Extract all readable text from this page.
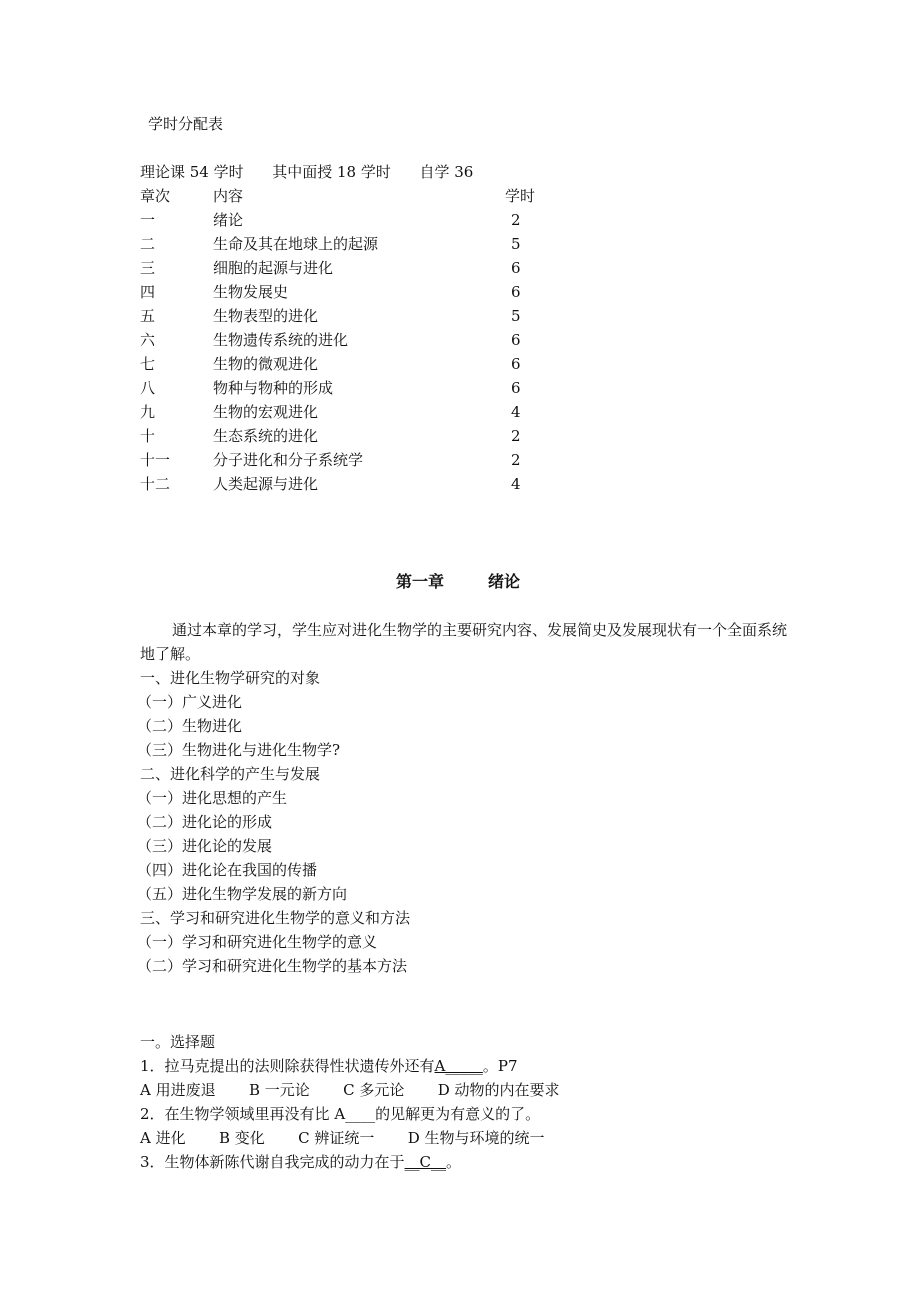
学时分配表
理论课 54 学时      其中面授 18 学时      自学 36
章次	内容	学时
一	绪论	2
二	生命及其在地球上的起源	5
三	细胞的起源与进化	6
四	生物发展史	6
五	生物表型的进化	5
六	生物遗传系统的进化	6
七	生物的微观进化	6
八	物种与物种的形成	6
九	生物的宏观进化	4
十	生态系统的进化	2
十一	分子进化和分子系统学	2
十二	人类起源与进化	4
第一章	绪论
通过本章的学习，学生应对进化生物学的主要研究内容、发展简史及发展现状有一个全面系统地了解。
一、进化生物学研究的对象
（一）广义进化
（二）生物进化
（三）生物进化与进化生物学?
二、进化科学的产生与发展
（一）进化思想的产生
（二）进化论的形成
（三）进化论的发展
（四）进化论在我国的传播
（五）进化生物学发展的新方向
三、学习和研究进化生物学的意义和方法
（一）学习和研究进化生物学的意义
（二）学习和研究进化生物学的基本方法
一。选择题
1．拉马克提出的法则除获得性状遗传外还有A_____。P7
A 用进废退       B 一元论       C 多元论       D 动物的内在要求
2．在生物学领域里再没有比 A____的见解更为有意义的了。
A 进化       B 变化       C 辨证统一       D 生物与环境的统一
3．生物体新陈代谢自我完成的动力在于__C__。
